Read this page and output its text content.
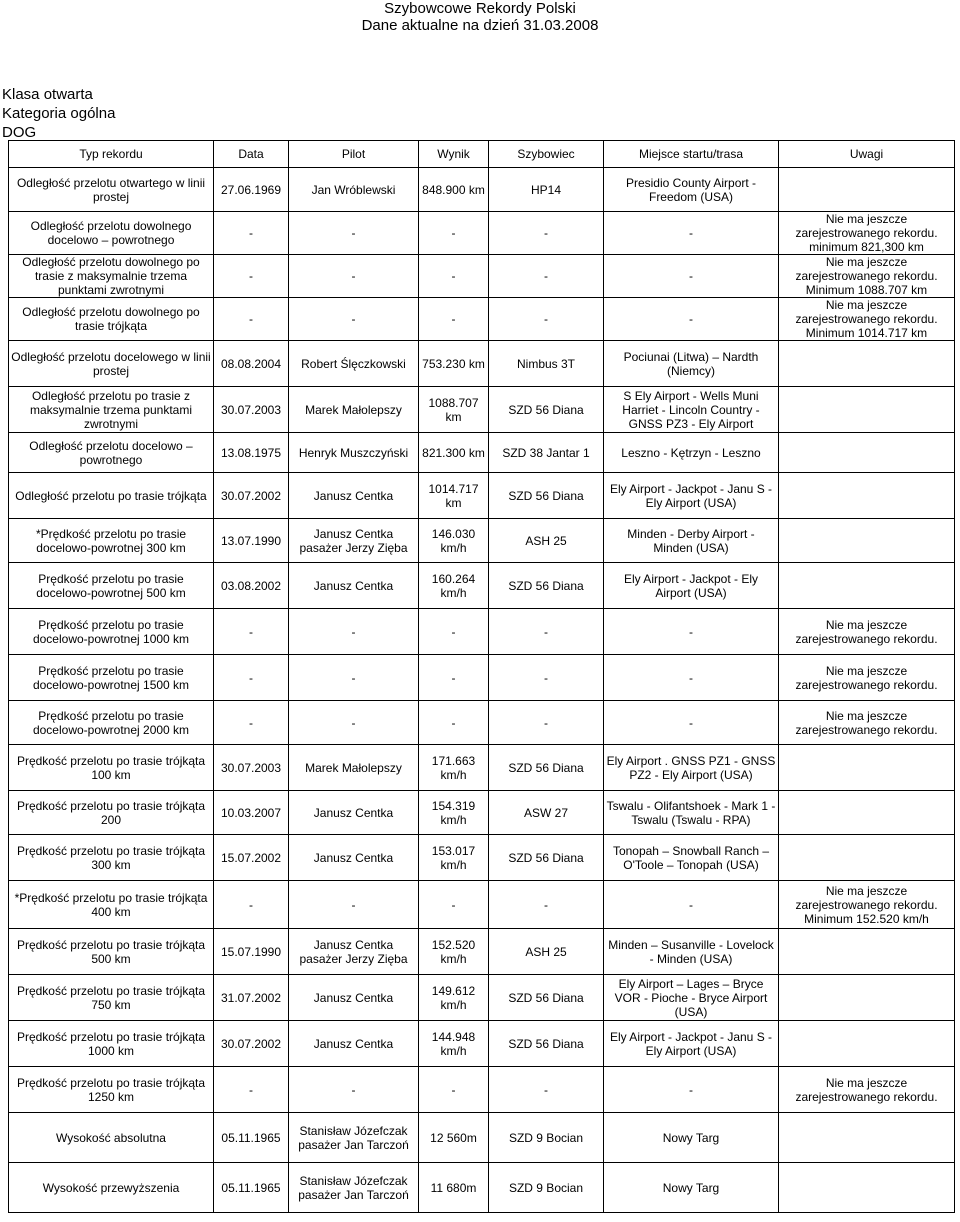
Szybowcowe Rekordy Polski
Dane aktualne na dzień 31.03.2008
Klasa otwarta
Kategoria ogólna
DOG
Typ rekordu	Data	Pilot	Wynik	Szybowiec	Miejsce startu/trasa	Uwagi
Odległość przelotu otwartego w linii prostej	27.06.1969	Jan Wróblewski	848.900 km	HP14	Presidio County Airport - Freedom (USA)	
Odległość przelotu dowolnego docelowo – powrotnego	-	-	-	-	-	Nie ma jeszcze zarejestrowanego rekordu. minimum 821,300 km
Odległość przelotu dowolnego po trasie z maksymalnie trzema punktami zwrotnymi	-	-	-	-	-	Nie ma jeszcze zarejestrowanego rekordu. Minimum 1088.707 km
Odległość przelotu dowolnego po trasie trójkąta	-	-	-	-	-	Nie ma jeszcze zarejestrowanego rekordu. Minimum 1014.717 km
Odległość przelotu docelowego w linii prostej	08.08.2004	Robert Ślęczkowski	753.230 km	Nimbus 3T	Pociunai (Litwa) – Nardth (Niemcy)	
Odległość przelotu po trasie z maksymalnie trzema punktami zwrotnymi	30.07.2003	Marek Małolepszy	1088.707 km	SZD 56 Diana	S Ely Airport - Wells Muni Harriet - Lincoln Country - GNSS PZ3 - Ely Airport	
Odległość przelotu docelowo – powrotnego	13.08.1975	Henryk Muszczyński	821.300 km	SZD 38 Jantar 1	Leszno - Kętrzyn - Leszno	
Odległość przelotu po trasie trójkąta	30.07.2002	Janusz Centka	1014.717 km	SZD 56 Diana	Ely Airport - Jackpot - Janu S - Ely Airport (USA)	
*Prędkość przelotu po trasie docelowo-powrotnej 300 km	13.07.1990	Janusz Centka pasażer Jerzy Zięba	146.030 km/h	ASH 25	Minden - Derby Airport - Minden (USA)	
Prędkość przelotu po trasie docelowo-powrotnej 500 km	03.08.2002	Janusz Centka	160.264 km/h	SZD 56 Diana	Ely Airport - Jackpot - Ely Airport (USA)	
Prędkość przelotu po trasie docelowo-powrotnej 1000 km	-	-	-	-	-	Nie ma jeszcze zarejestrowanego rekordu.
Prędkość przelotu po trasie docelowo-powrotnej 1500 km	-	-	-	-	-	Nie ma jeszcze zarejestrowanego rekordu.
Prędkość przelotu po trasie docelowo-powrotnej 2000 km	-	-	-	-	-	Nie ma jeszcze zarejestrowanego rekordu.
Prędkość przelotu po trasie trójkąta 100 km	30.07.2003	Marek Małolepszy	171.663 km/h	SZD 56 Diana	Ely Airport . GNSS PZ1 - GNSS PZ2 - Ely Airport (USA)	
Prędkość przelotu po trasie trójkąta 200	10.03.2007	Janusz Centka	154.319 km/h	ASW 27	Tswalu - Olifantshoek - Mark 1 - Tswalu (Tswalu - RPA)	
Prędkość przelotu po trasie trójkąta 300 km	15.07.2002	Janusz Centka	153.017 km/h	SZD 56 Diana	Tonopah – Snowball Ranch – O'Toole – Tonopah (USA)	
*Prędkość przelotu po trasie trójkąta 400 km	-	-	-	-	-	Nie ma jeszcze zarejestrowanego rekordu. Minimum 152.520 km/h
Prędkość przelotu po trasie trójkąta 500 km	15.07.1990	Janusz Centka pasażer Jerzy Zięba	152.520 km/h	ASH 25	Minden – Susanville - Lovelock - Minden (USA)	
Prędkość przelotu po trasie trójkąta 750 km	31.07.2002	Janusz Centka	149.612 km/h	SZD 56 Diana	Ely Airport – Lages – Bryce VOR - Pioche - Bryce Airport (USA)	
Prędkość przelotu po trasie trójkąta 1000 km	30.07.2002	Janusz Centka	144.948 km/h	SZD 56 Diana	Ely Airport - Jackpot - Janu S - Ely Airport (USA)	
Prędkość przelotu po trasie trójkąta 1250 km	-	-	-	-	-	Nie ma jeszcze zarejestrowanego rekordu.
Wysokość absolutna	05.11.1965	Stanisław Józefczak pasażer Jan Tarczoń	12 560m	SZD 9 Bocian	Nowy Targ	
Wysokość przewyższenia	05.11.1965	Stanisław Józefczak pasażer Jan Tarczoń	11 680m	SZD 9 Bocian	Nowy Targ	
